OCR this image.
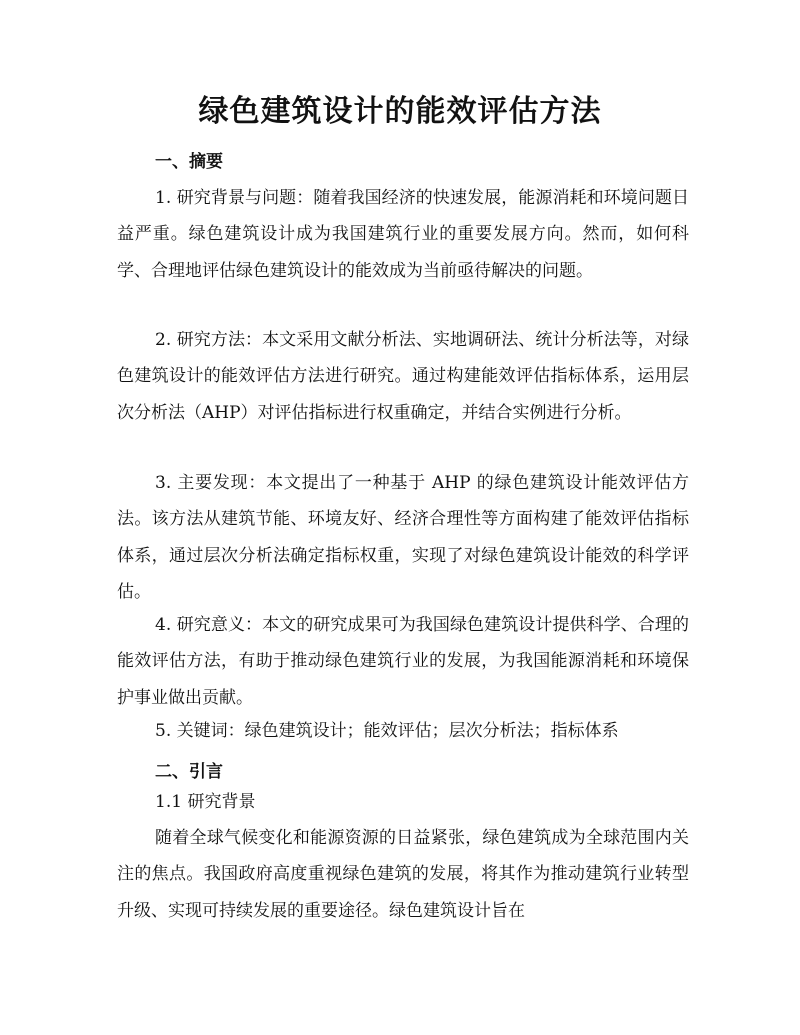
绿色建筑设计的能效评估方法
一、摘要

1. 研究背景与问题：随着我国经济的快速发展，能源消耗和环境问题日益严重。绿色建筑设计成为我国建筑行业的重要发展方向。然而，如何科学、合理地评估绿色建筑设计的能效成为当前亟待解决的问题。

2. 研究方法：本文采用文献分析法、实地调研法、统计分析法等，对绿色建筑设计的能效评估方法进行研究。通过构建能效评估指标体系，运用层次分析法（AHP）对评估指标进行权重确定，并结合实例进行分析。

3. 主要发现：本文提出了一种基于 AHP 的绿色建筑设计能效评估方法。该方法从建筑节能、环境友好、经济合理性等方面构建了能效评估指标体系，通过层次分析法确定指标权重，实现了对绿色建筑设计能效的科学评估。

4. 研究意义：本文的研究成果可为我国绿色建筑设计提供科学、合理的能效评估方法，有助于推动绿色建筑行业的发展，为我国能源消耗和环境保护事业做出贡献。

5. 关键词：绿色建筑设计；能效评估；层次分析法；指标体系

二、引言

1.1 研究背景

随着全球气候变化和能源资源的日益紧张，绿色建筑成为全球范围内关注的焦点。我国政府高度重视绿色建筑的发展，将其作为推动建筑行业转型升级、实现可持续发展的重要途径。绿色建筑设计旨在
